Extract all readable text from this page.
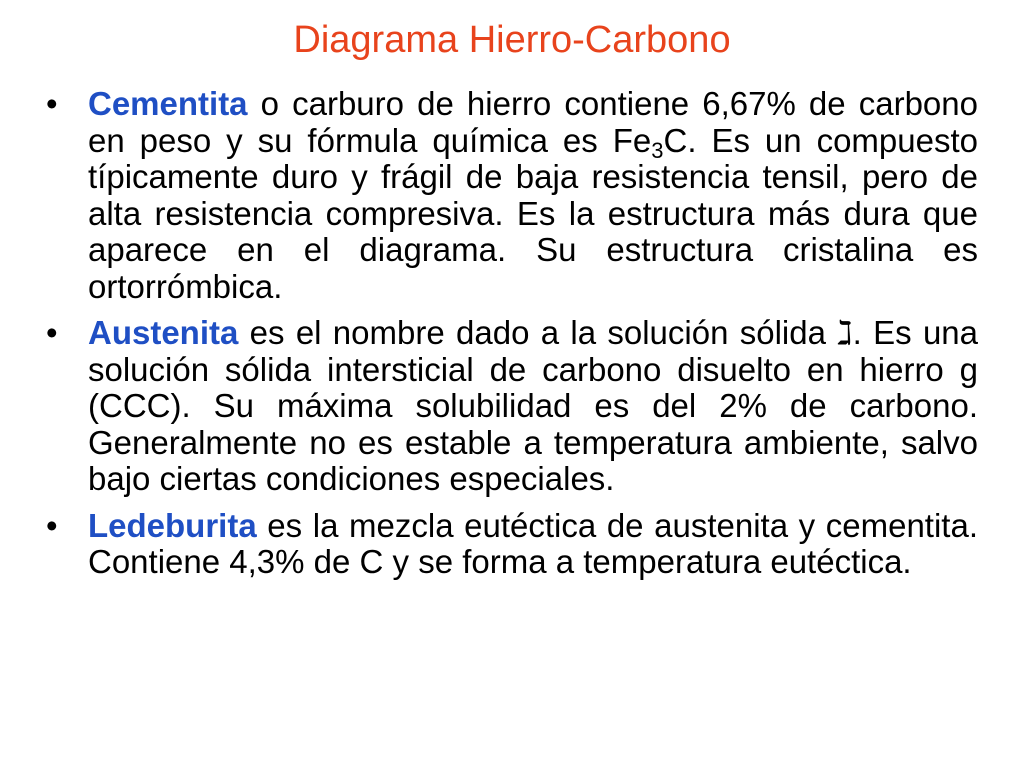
Diagrama Hierro-Carbono
• Cementita o carburo de hierro contiene 6,67% de carbono en peso y su fórmula química es $Fe_3C$. Es un compuesto típicamente duro y frágil de baja resistencia tensil, pero de alta resistencia compresiva. Es la estructura más dura que aparece en el diagrama. Su estructura cristalina es ortorrómbica.
• Austenita es el nombre dado a la solución sólida ℷ. Es una solución sólida intersticial de carbono disuelto en hierro g (CCC). Su máxima solubilidad es del 2% de carbono. Generalmente no es estable a temperatura ambiente, salvo bajo ciertas condiciones especiales.
• Ledeburita es la mezcla eutéctica de austenita y cementita. Contiene 4,3% de C y se forma a temperatura eutéctica.
